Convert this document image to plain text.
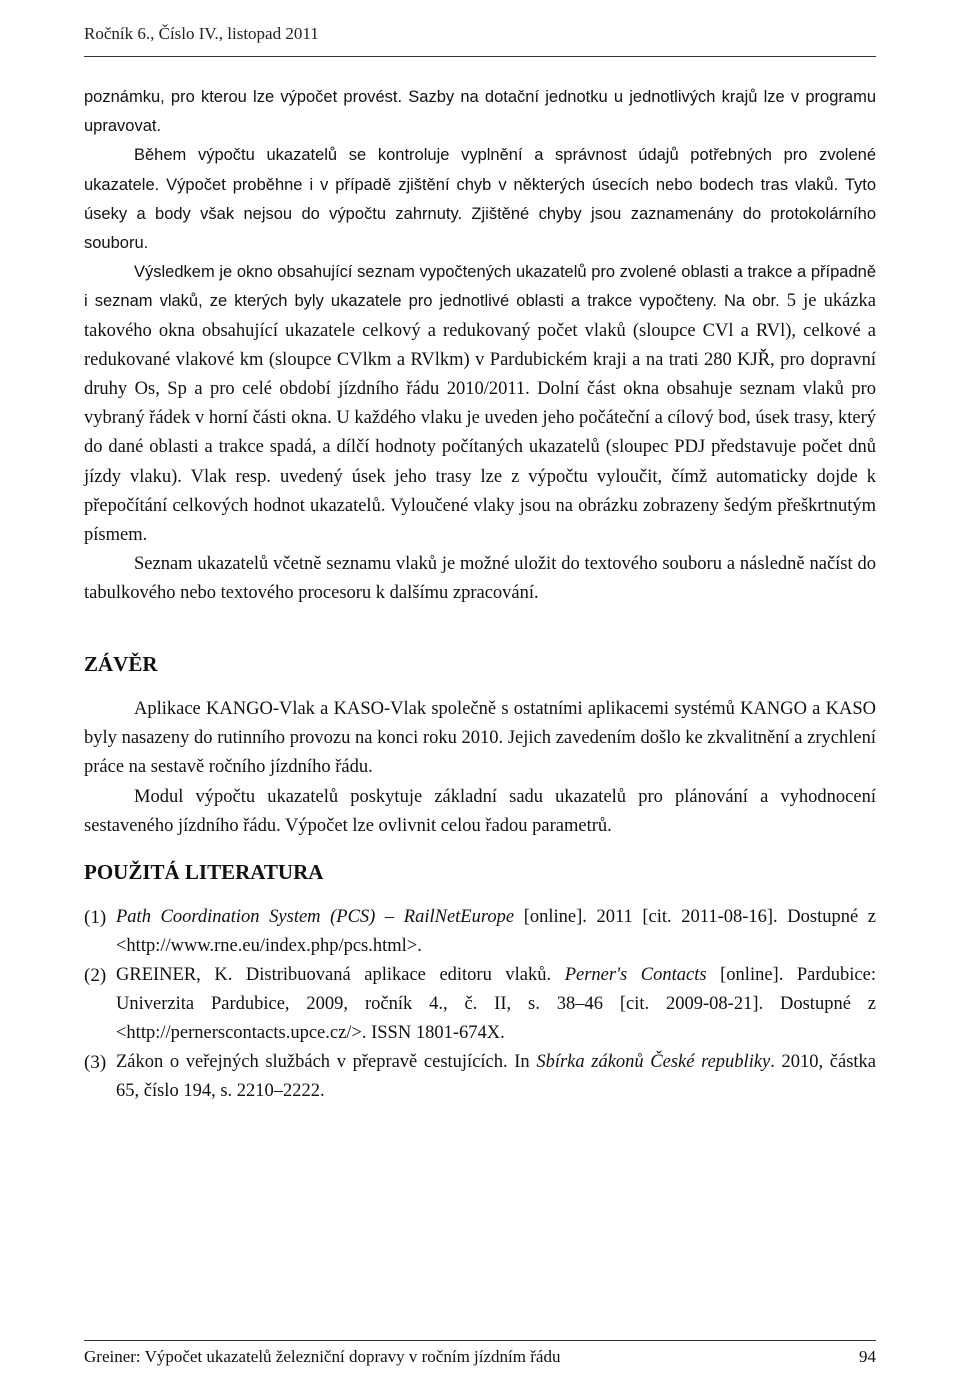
Ročník 6., Číslo IV., listopad 2011

poznámku, pro kterou lze výpočet provést. Sazby na dotační jednotku u jednotlivých krajů lze v programu upravovat.

Během výpočtu ukazatelů se kontroluje vyplnění a správnost údajů potřebných pro zvolené ukazatele. Výpočet proběhne i v případě zjištění chyb v některých úsecích nebo bodech tras vlaků. Tyto úseky a body však nejsou do výpočtu zahrnuty. Zjištěné chyby jsou zaznamenány do protokolárního souboru.

Výsledkem je okno obsahující seznam vypočtených ukazatelů pro zvolené oblasti a trakce a případně i seznam vlaků, ze kterých byly ukazatele pro jednotlivé oblasti a trakce vypočteny. Na obr. 5 je ukázka takového okna obsahující ukazatele celkový a redukovaný počet vlaků (sloupce CVl a RVl), celkové a redukované vlakové km (sloupce CVlkm a RVlkm) v Pardubickém kraji a na trati 280 KJŘ, pro dopravní druhy Os, Sp a pro celé období jízdního řádu 2010/2011. Dolní část okna obsahuje seznam vlaků pro vybraný řádek v horní části okna. U každého vlaku je uveden jeho počáteční a cílový bod, úsek trasy, který do dané oblasti a trakce spadá, a dílčí hodnoty počítaných ukazatelů (sloupec PDJ představuje počet dnů jízdy vlaku). Vlak resp. uvedený úsek jeho trasy lze z výpočtu vyloučit, čímž automaticky dojde k přepočítání celkových hodnot ukazatelů. Vyloučené vlaky jsou na obrázku zobrazeny šedým přeškrtnutým písmem.

Seznam ukazatelů včetně seznamu vlaků je možné uložit do textového souboru a následně načíst do tabulkového nebo textového procesoru k dalšímu zpracování.

ZÁVĚR

Aplikace KANGO-Vlak a KASO-Vlak společně s ostatními aplikacemi systémů KANGO a KASO byly nasazeny do rutinního provozu na konci roku 2010. Jejich zavedením došlo ke zkvalitnění a zrychlení práce na sestavě ročního jízdního řádu.

Modul výpočtu ukazatelů poskytuje základní sadu ukazatelů pro plánování a vyhodnocení sestaveného jízdního řádu. Výpočet lze ovlivnit celou řadou parametrů.

POUŽITÁ LITERATURA
(1) Path Coordination System (PCS) – RailNetEurope [online]. 2011 [cit. 2011-08-16]. Dostupné z <http://www.rne.eu/index.php/pcs.html>.
(2) GREINER, K. Distribuovaná aplikace editoru vlaků. Perner's Contacts [online]. Pardubice: Univerzita Pardubice, 2009, ročník 4., č. II, s. 38–46 [cit. 2009-08-21]. Dostupné z <http://pernerscontacts.upce.cz/>. ISSN 1801-674X.
(3) Zákon o veřejných službách v přepravě cestujících. In Sbírka zákonů České republiky. 2010, částka 65, číslo 194, s. 2210–2222.
Greiner: Výpočet ukazatelů železniční dopravy v ročním jízdním řádu	94
